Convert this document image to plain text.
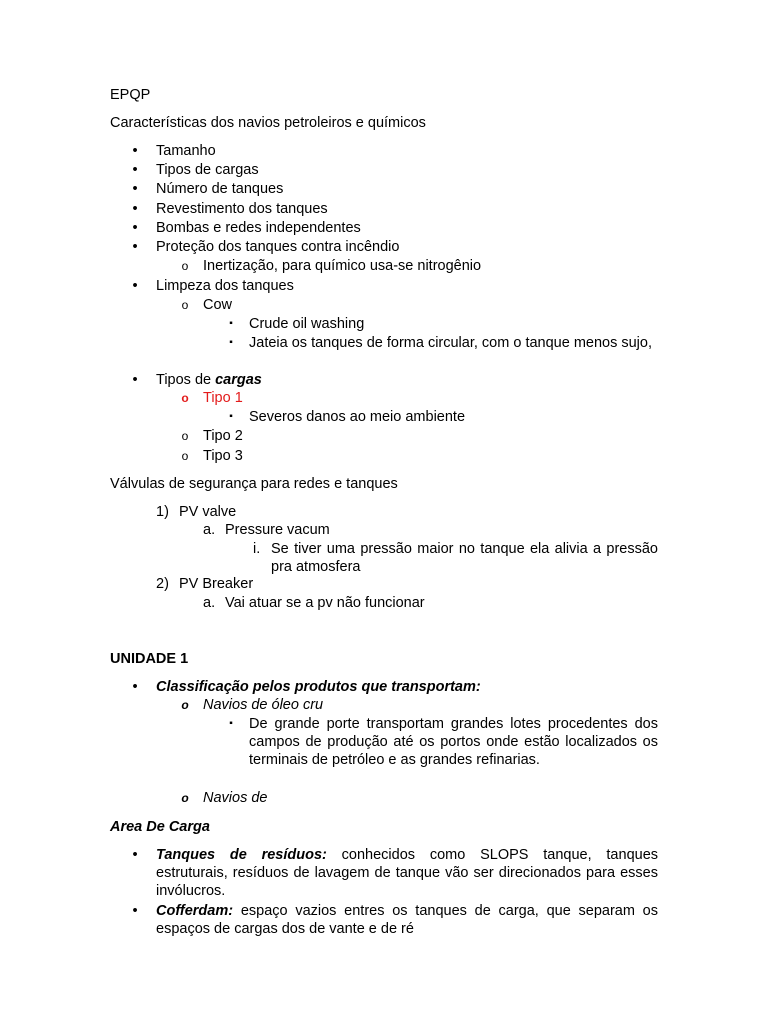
EPQP
Características dos navios petroleiros e químicos
•	Tamanho
•	Tipos de cargas
•	Número de tanques
•	Revestimento dos tanques
•	Bombas e redes independentes
•	Proteção dos tanques contra incêndio
o	Inertização, para químico usa-se nitrogênio
•	Limpeza dos tanques
o	Cow
▪	Crude oil washing
▪	Jateia os tanques de forma circular, com o tanque menos sujo,
•	Tipos de cargas
o Tipo 1
▪	Severos danos ao meio ambiente
o	Tipo 2
o	Tipo 3
Válvulas de segurança para redes e tanques
1) PV valve
a. Pressure vacum
i. Se tiver uma pressão maior no tanque ela alivia a pressão pra atmosfera
2) PV Breaker
a. Vai atuar se a pv não funcionar
UNIDADE 1
•	Classificação pelos produtos que transportam:
o Navios de óleo cru
▪	De grande porte transportam grandes lotes procedentes dos campos de produção até os portos onde estão localizados os terminais de petróleo e as grandes refinarias.
o Navios de
Area De Carga
•	Tanques de resíduos: conhecidos como SLOPS tanque, tanques estruturais, resíduos de lavagem de tanque vão ser direcionados para esses invólucros.
•	Cofferdam: espaço vazios entres os tanques de carga, que separam os espaços de cargas dos de vante e de ré
